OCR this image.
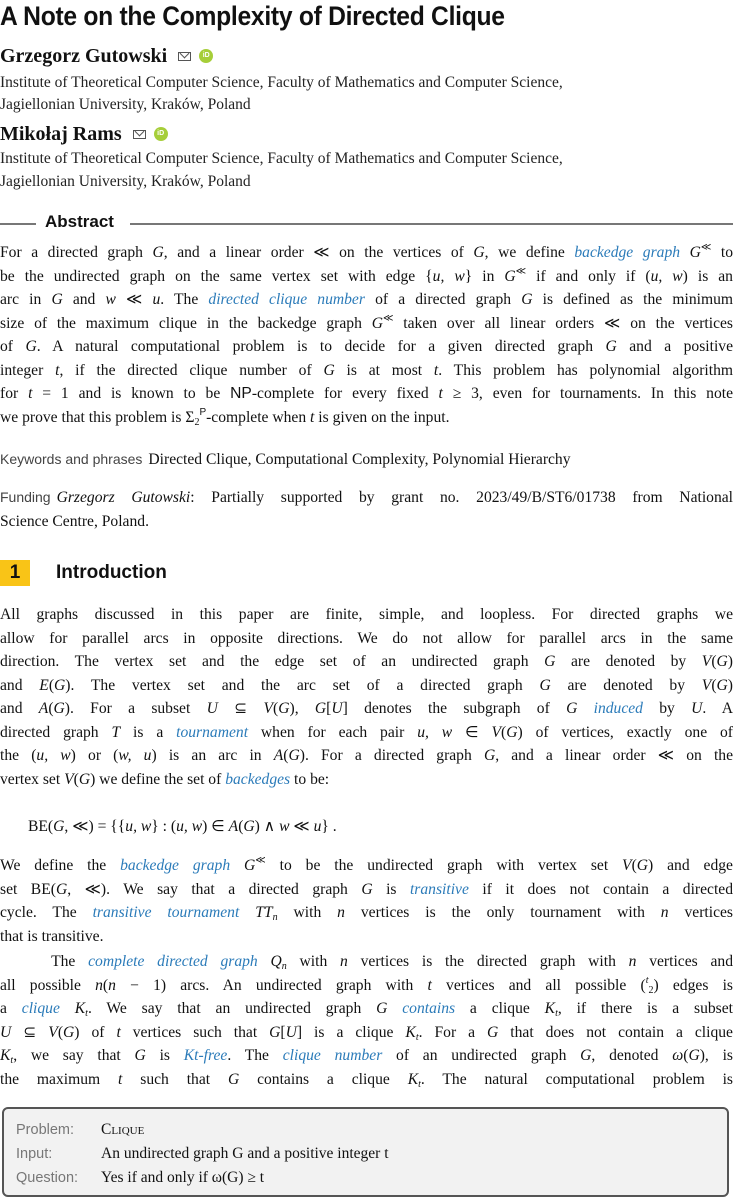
A Note on the Complexity of Directed Clique
Grzegorz Gutowski	iD
Institute of Theoretical Computer Science, Faculty of Mathematics and Computer Science,
Jagiellonian University, Kraków, Poland
Mikołaj Rams	iD
Institute of Theoretical Computer Science, Faculty of Mathematics and Computer Science,
Jagiellonian University, Kraków, Poland
Abstract
For a directed graph G, and a linear order ≪ on the vertices of G, we define backedge graph G≪ to
be the undirected graph on the same vertex set with edge {u, w} in G≪ if and only if (u, w) is an
arc in G and w ≪ u. The directed clique number of a directed graph G is defined as the minimum
size of the maximum clique in the backedge graph G≪ taken over all linear orders ≪ on the vertices
of G. A natural computational problem is to decide for a given directed graph G and a positive
integer t, if the directed clique number of G is at most t. This problem has polynomial algorithm
for t = 1 and is known to be NP-complete for every fixed t ≥ 3, even for tournaments. In this note
we prove that this problem is $\Sigma_2^P$-complete when t is given on the input.
Keywords and phrases Directed Clique, Computational Complexity, Polynomial Hierarchy
Funding Grzegorz Gutowski: Partially supported by grant no. 2023/49/B/ST6/01738 from National
Science Centre, Poland.
1	Introduction
All graphs discussed in this paper are finite, simple, and loopless. For directed graphs we
allow for parallel arcs in opposite directions. We do not allow for parallel arcs in the same
direction. The vertex set and the edge set of an undirected graph G are denoted by V(G)
and E(G). The vertex set and the arc set of a directed graph G are denoted by V(G)
and A(G). For a subset U ⊆ V(G), G[U] denotes the subgraph of G induced by U. A
directed graph T is a tournament when for each pair u, w ∈ V(G) of vertices, exactly one of
the (u, w) or (w, u) is an arc in A(G). For a directed graph G, and a linear order ≪ on the
vertex set V(G) we define the set of backedges to be:
BE(G, ≪) = {{u, w} : (u, w) ∈ A(G) ∧ w ≪ u} .
We define the backedge graph G≪ to be the undirected graph with vertex set V(G) and edge
set BE(G, ≪). We say that a directed graph G is transitive if it does not contain a directed
cycle. The transitive tournament $TT_n$ with n vertices is the only tournament with n vertices
that is transitive.
The complete directed graph $Q_n$ with n vertices is the directed graph with n vertices and
all possible n(n − 1) arcs. An undirected graph with t vertices and all possible ($^t_2$) edges is
a clique $K_t$. We say that an undirected graph G contains a clique $K_t$, if there is a subset
U ⊆ V(G) of t vertices such that G[U] is a clique $K_t$. For a G that does not contain a clique
$K_t$, we say that G is Kt-free. The clique number of an undirected graph G, denoted ω(G), is
the maximum t such that G contains a clique $K_t$. The natural computational problem is
Problem: Clique
Input:	An undirected graph G and a positive integer t
Question: Yes if and only if ω(G) ≥ t
